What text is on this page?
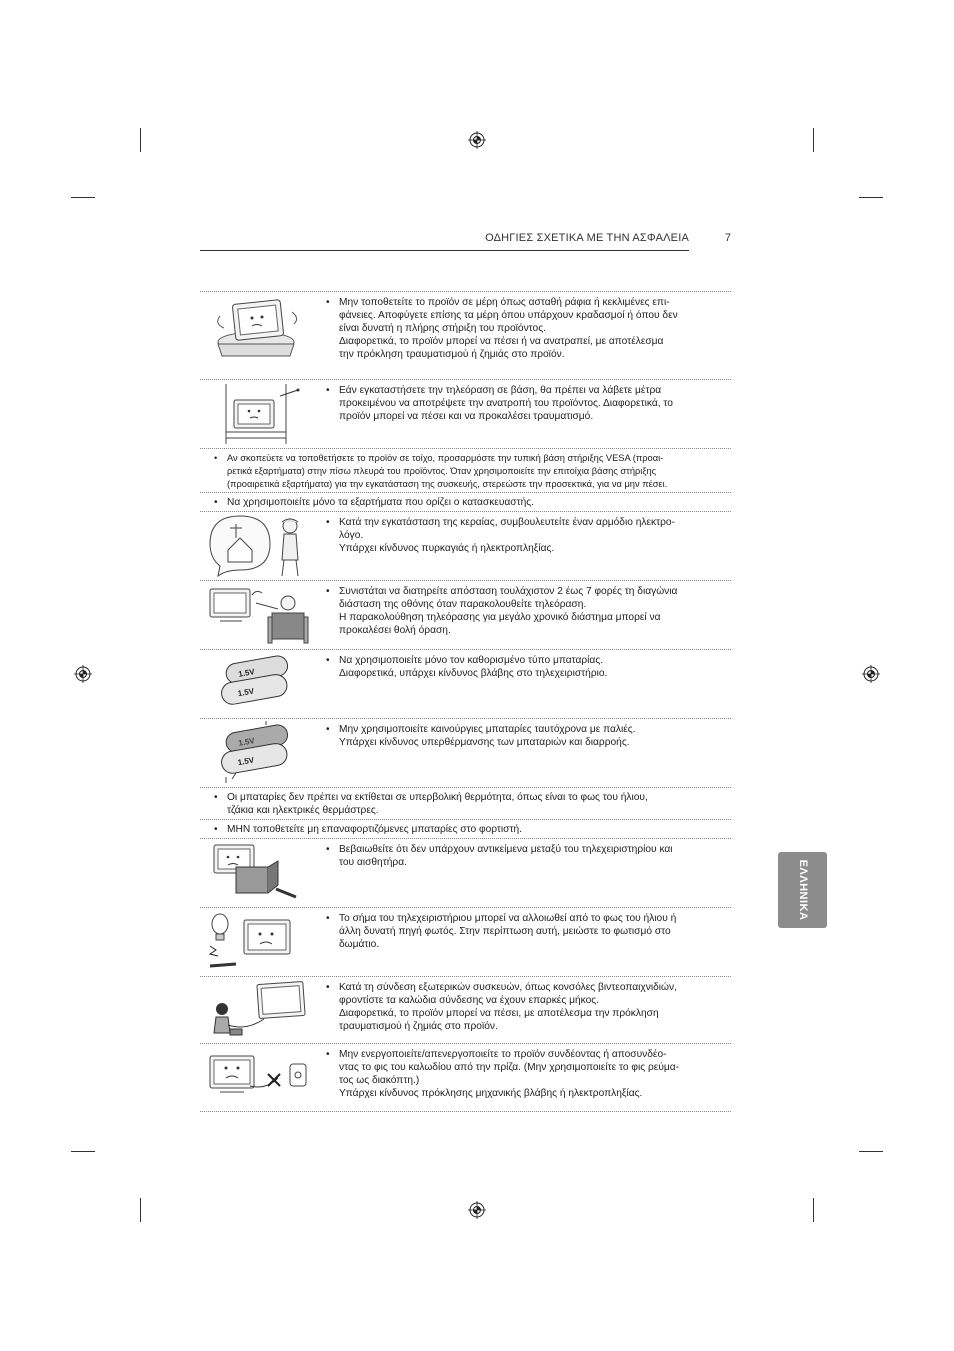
ΟΔΗΓΙΕΣ ΣΧΕΤΙΚΑ ΜΕ ΤΗΝ ΑΣΦΑΛΕΙΑ	7
ΕΛΛΗΝΙΚΑ
• Μην τοποθετείτε το προϊόν σε μέρη όπως ασταθή ράφια ή κεκλιμένες επι-
φάνειες. Αποφύγετε επίσης τα μέρη όπου υπάρχουν κραδασμοί ή όπου δεν
είναι δυνατή η πλήρης στήριξη του προϊόντος.
Διαφορετικά, το προϊόν μπορεί να πέσει ή να ανατραπεί, με αποτέλεσμα
την πρόκληση τραυματισμού ή ζημιάς στο προϊόν.
• Εάν εγκαταστήσετε την τηλεόραση σε βάση, θα πρέπει να λάβετε μέτρα
προκειμένου να αποτρέψετε την ανατροπή του προϊόντος. Διαφορετικά, το
προϊόν μπορεί να πέσει και να προκαλέσει τραυματισμό.
• Αν σκοπεύετε να τοποθετήσετε το προϊόν σε τοίχο, προσαρμόστε την τυπική βάση στήριξης VESA (προαι-
ρετικά εξαρτήματα) στην πίσω πλευρά του προϊόντος. Όταν χρησιμοποιείτε την επιτοίχια βάσης στήριξης
(προαιρετικά εξαρτήματα) για την εγκατάσταση της συσκευής, στερεώστε την προσεκτικά, για να μην πέσει.
• Να χρησιμοποιείτε μόνο τα εξαρτήματα που ορίζει ο κατασκευαστής.
• Κατά την εγκατάσταση της κεραίας, συμβουλευτείτε έναν αρμόδιο ηλεκτρο-
λόγο.
Υπάρχει κίνδυνος πυρκαγιάς ή ηλεκτροπληξίας.
• Συνιστάται να διατηρείτε απόσταση τουλάχιστον 2 έως 7 φορές τη διαγώνια
διάσταση της οθόνης όταν παρακολουθείτε τηλεόραση.
Η παρακολούθηση τηλεόρασης για μεγάλο χρονικό διάστημα μπορεί να
προκαλέσει θολή όραση.
1.5V
1.5V
• Να χρησιμοποιείτε μόνο τον καθορισμένο τύπο μπαταρίας.
Διαφορετικά, υπάρχει κίνδυνος βλάβης στο τηλεχειριστήριο.
1.5V
1.5V
• Μην χρησιμοποιείτε καινούργιες μπαταρίες ταυτόχρονα με παλιές.
Υπάρχει κίνδυνος υπερθέρμανσης των μπαταριών και διαρροής.
• Οι μπαταρίες δεν πρέπει να εκτίθεται σε υπερβολική θερμότητα, όπως είναι το φως του ήλιου,
τζάκια και ηλεκτρικές θερμάστρες.
• ΜΗΝ τοποθετείτε μη επαναφορτιζόμενες μπαταρίες στο φορτιστή.
• Βεβαιωθείτε ότι δεν υπάρχουν αντικείμενα μεταξύ του τηλεχειριστηρίου και
του αισθητήρα.
• Το σήμα του τηλεχειριστήριου μπορεί να αλλοιωθεί από το φως του ήλιου ή
άλλη δυνατή πηγή φωτός. Στην περίπτωση αυτή, μειώστε το φωτισμό στο
δωμάτιο.
• Κατά τη σύνδεση εξωτερικών συσκευών, όπως κονσόλες βιντεοπαιχνιδιών,
φροντίστε τα καλώδια σύνδεσης να έχουν επαρκές μήκος.
Διαφορετικά, το προϊόν μπορεί να πέσει, με αποτέλεσμα την πρόκληση
τραυματισμού ή ζημιάς στο προϊόν.
• Μην ενεργοποιείτε/απενεργοποιείτε το προϊόν συνδέοντας ή αποσυνδέο-
ντας το φις του καλωδίου από την πρίζα. (Μην χρησιμοποιείτε το φις ρεύμα-
τος ως διακόπτη.)
Υπάρχει κίνδυνος πρόκλησης μηχανικής βλάβης ή ηλεκτροπληξίας.
